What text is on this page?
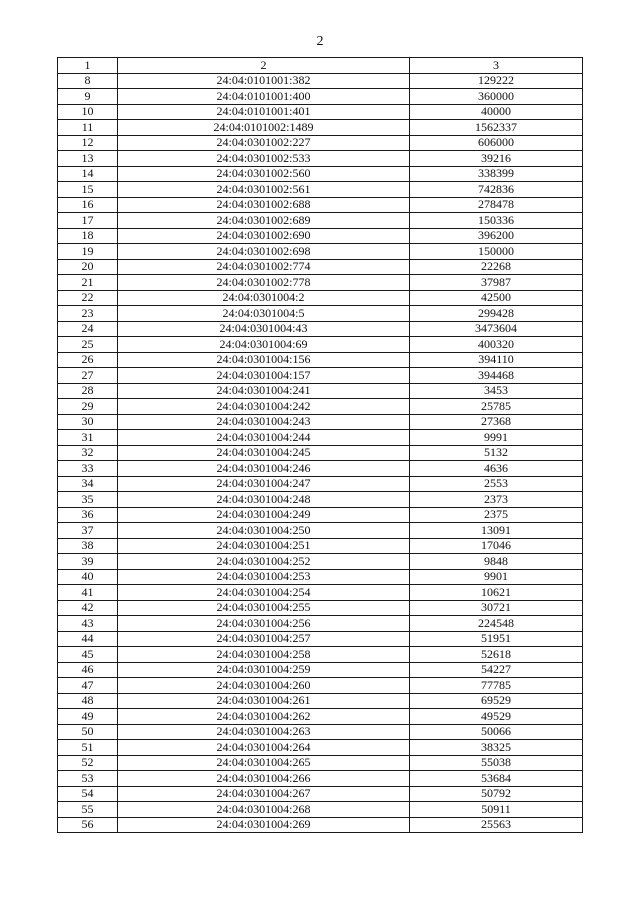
2
1	2	3
8	24:04:0101001:382	129222
9	24:04:0101001:400	360000
10	24:04:0101001:401	40000
11	24:04:0101002:1489	1562337
12	24:04:0301002:227	606000
13	24:04:0301002:533	39216
14	24:04:0301002:560	338399
15	24:04:0301002:561	742836
16	24:04:0301002:688	278478
17	24:04:0301002:689	150336
18	24:04:0301002:690	396200
19	24:04:0301002:698	150000
20	24:04:0301002:774	22268
21	24:04:0301002:778	37987
22	24:04:0301004:2	42500
23	24:04:0301004:5	299428
24	24:04:0301004:43	3473604
25	24:04:0301004:69	400320
26	24:04:0301004:156	394110
27	24:04:0301004:157	394468
28	24:04:0301004:241	3453
29	24:04:0301004:242	25785
30	24:04:0301004:243	27368
31	24:04:0301004:244	9991
32	24:04:0301004:245	5132
33	24:04:0301004:246	4636
34	24:04:0301004:247	2553
35	24:04:0301004:248	2373
36	24:04:0301004:249	2375
37	24:04:0301004:250	13091
38	24:04:0301004:251	17046
39	24:04:0301004:252	9848
40	24:04:0301004:253	9901
41	24:04:0301004:254	10621
42	24:04:0301004:255	30721
43	24:04:0301004:256	224548
44	24:04:0301004:257	51951
45	24:04:0301004:258	52618
46	24:04:0301004:259	54227
47	24:04:0301004:260	77785
48	24:04:0301004:261	69529
49	24:04:0301004:262	49529
50	24:04:0301004:263	50066
51	24:04:0301004:264	38325
52	24:04:0301004:265	55038
53	24:04:0301004:266	53684
54	24:04:0301004:267	50792
55	24:04:0301004:268	50911
56	24:04:0301004:269	25563
